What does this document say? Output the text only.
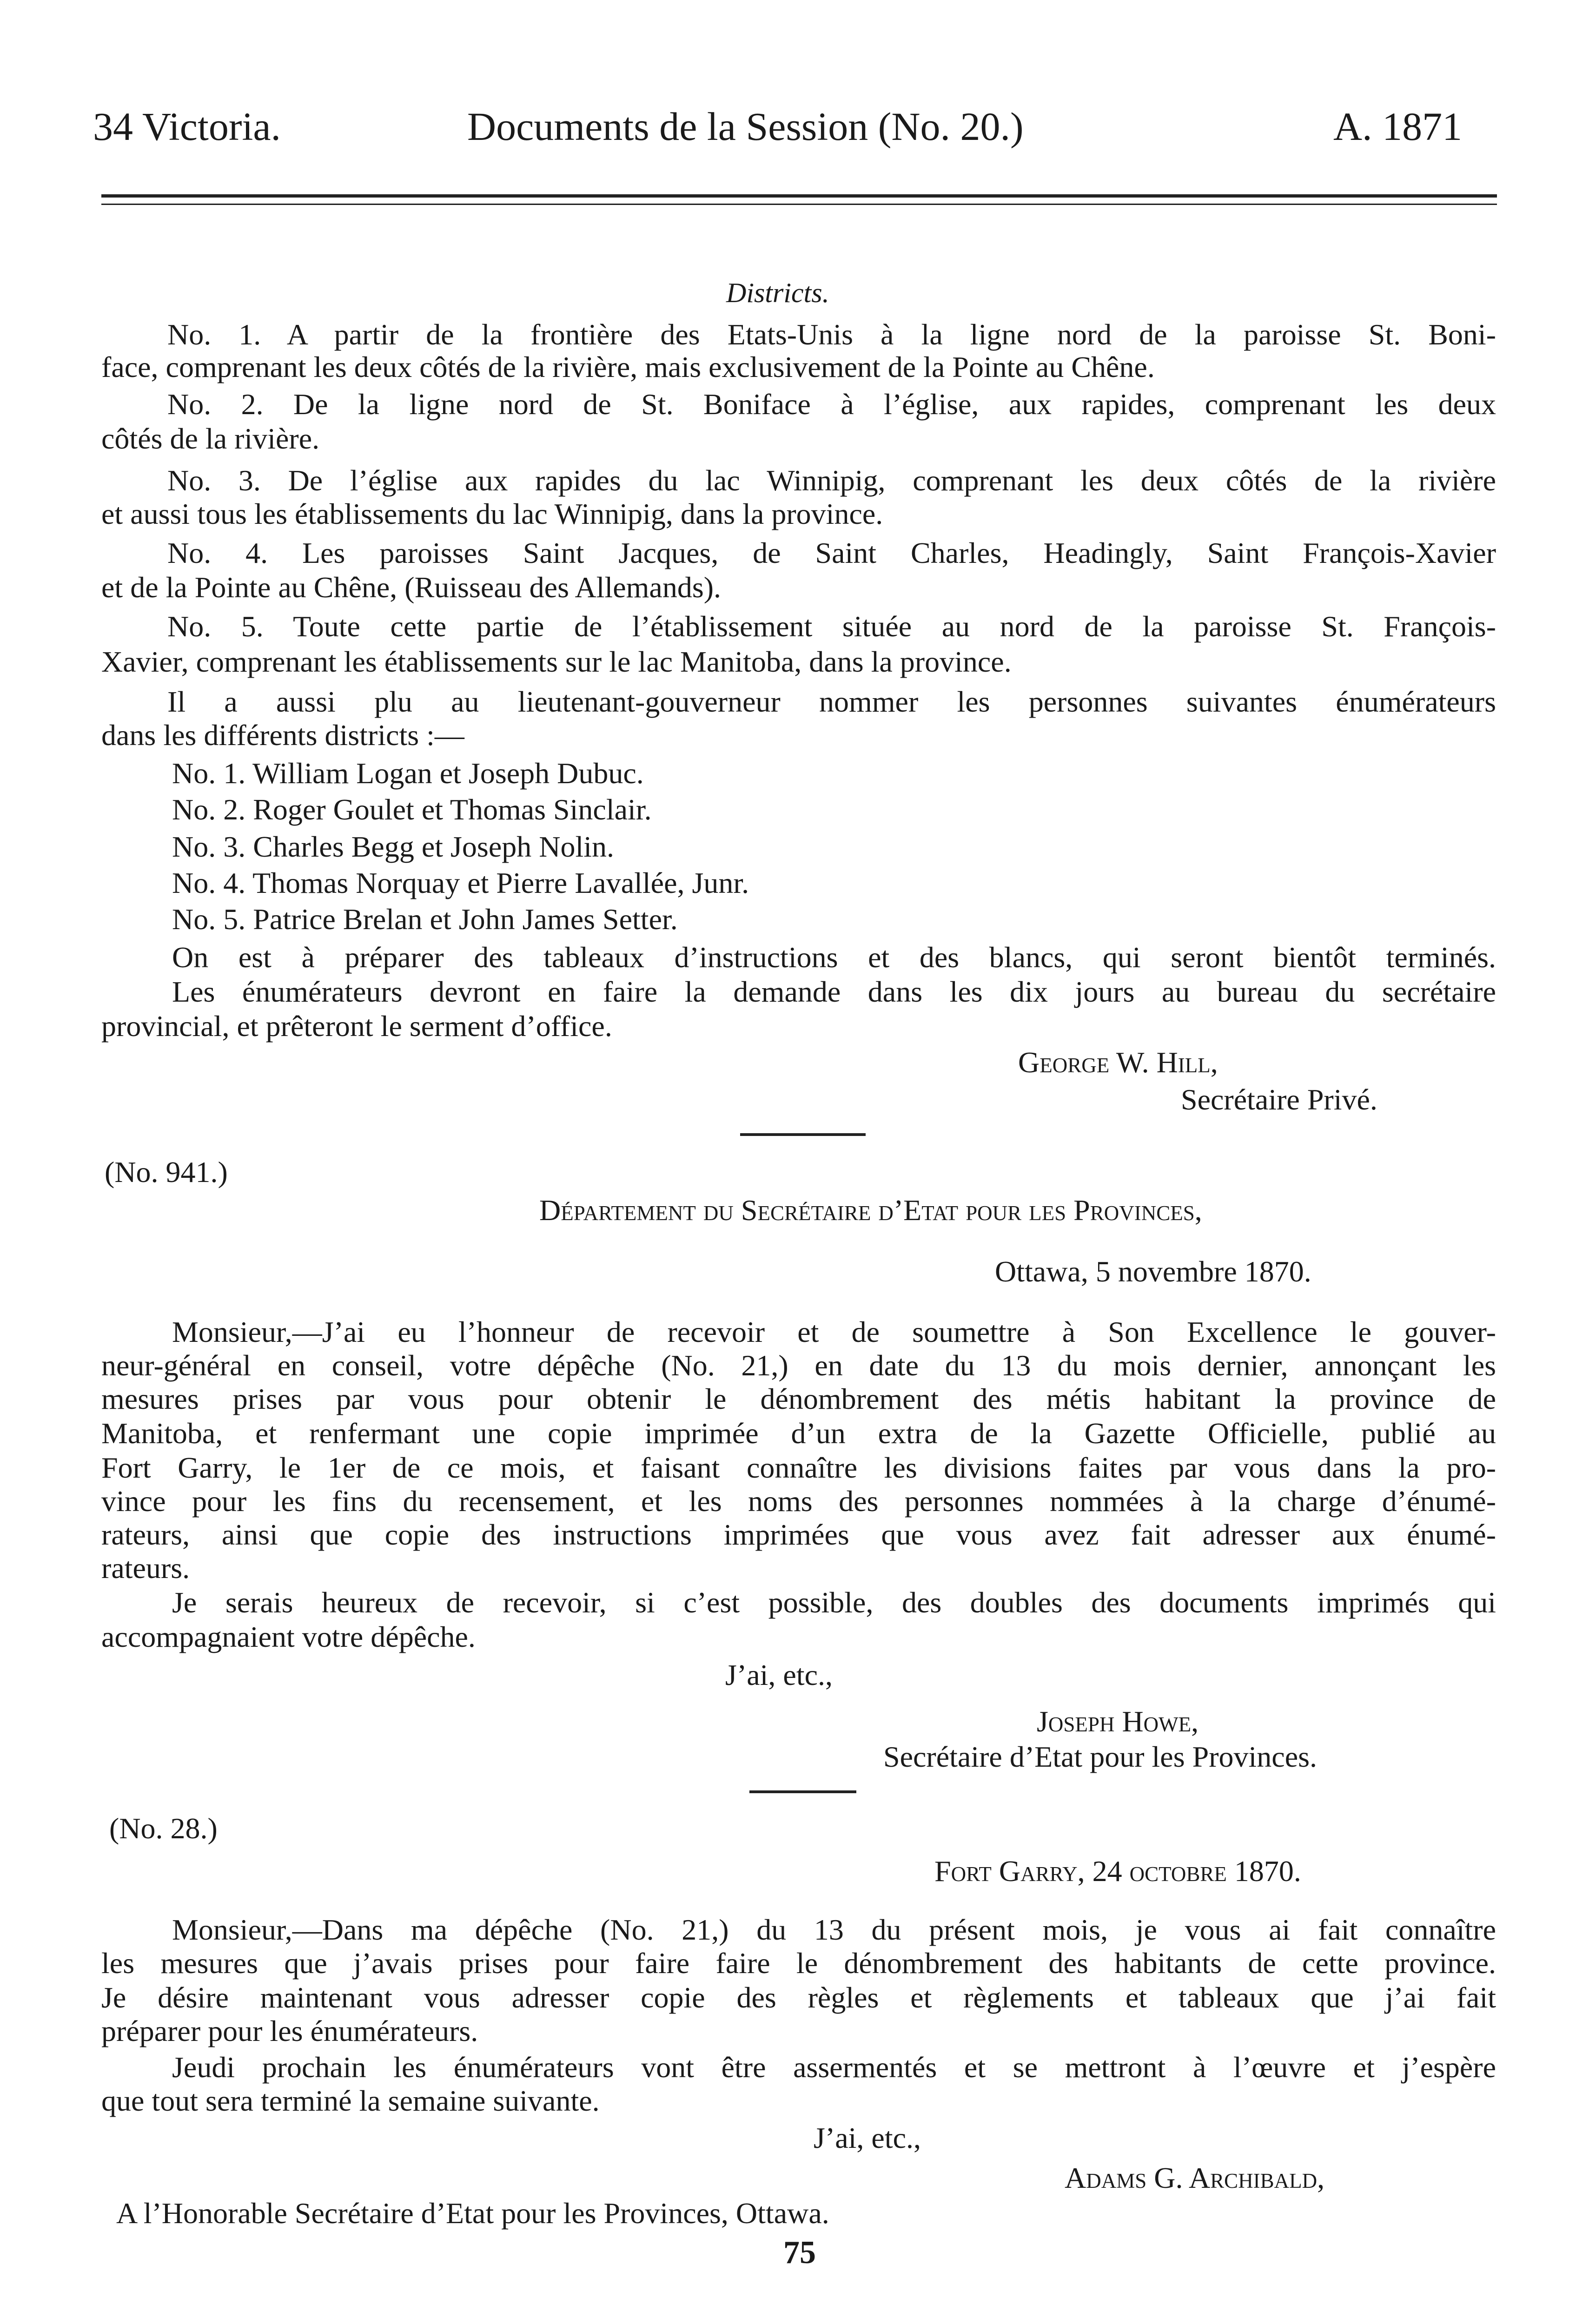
34 Victoria.	Documents de la Session (No. 20.)	A. 1871

Districts.

No. 1. A partir de la frontière des Etats-Unis à la ligne nord de la paroisse St. Boni-
face, comprenant les deux côtés de la rivière, mais exclusivement de la Pointe au Chêne.
No. 2. De la ligne nord de St. Boniface à l’église, aux rapides, comprenant les deux
côtés de la rivière.
No. 3. De l’église aux rapides du lac Winnipig, comprenant les deux côtés de la rivière
et aussi tous les établissements du lac Winnipig, dans la province.
No. 4. Les paroisses Saint Jacques, de Saint Charles, Headingly, Saint François-Xavier
et de la Pointe au Chêne, (Ruisseau des Allemands).
No. 5. Toute cette partie de l’établissement située au nord de la paroisse St. François-
Xavier, comprenant les établissements sur le lac Manitoba, dans la province.
Il a aussi plu au lieutenant-gouverneur nommer les personnes suivantes énumérateurs
dans les différents districts :—
No. 1. William Logan et Joseph Dubuc.
No. 2. Roger Goulet et Thomas Sinclair.
No. 3. Charles Begg et Joseph Nolin.
No. 4. Thomas Norquay et Pierre Lavallée, Junr.
No. 5. Patrice Brelan et John James Setter.
On est à préparer des tableaux d’instructions et des blancs, qui seront bientôt terminés.
Les énumérateurs devront en faire la demande dans les dix jours au bureau du secrétaire
provincial, et prêteront le serment d’office.
George W. Hill,
Secrétaire Privé.
(No. 941.)
Département du Secrétaire d’Etat pour les Provinces,
Ottawa, 5 novembre 1870.
Monsieur,—J’ai eu l’honneur de recevoir et de soumettre à Son Excellence le gouver-
neur-général en conseil, votre dépêche (No. 21,) en date du 13 du mois dernier, annonçant les
mesures prises par vous pour obtenir le dénombrement des métis habitant la province de
Manitoba, et renfermant une copie imprimée d’un extra de la Gazette Officielle, publié au
Fort Garry, le 1er de ce mois, et faisant connaître les divisions faites par vous dans la pro-
vince pour les fins du recensement, et les noms des personnes nommées à la charge d’énumé-
rateurs, ainsi que copie des instructions imprimées que vous avez fait adresser aux énumé-
rateurs.
Je serais heureux de recevoir, si c’est possible, des doubles des documents imprimés qui
accompagnaient votre dépêche.
J’ai, etc.,
Joseph Howe,
Secrétaire d’Etat pour les Provinces.
(No. 28.)
Fort Garry, 24 octobre 1870.
Monsieur,—Dans ma dépêche (No. 21,) du 13 du présent mois, je vous ai fait connaître
les mesures que j’avais prises pour faire faire le dénombrement des habitants de cette province.
Je désire maintenant vous adresser copie des règles et règlements et tableaux que j’ai fait
préparer pour les énumérateurs.
Jeudi prochain les énumérateurs vont être assermentés et se mettront à l’œuvre et j’espère
que tout sera terminé la semaine suivante.
J’ai, etc.,
Adams G. Archibald,
A l’Honorable Secrétaire d’Etat pour les Provinces, Ottawa.
75
